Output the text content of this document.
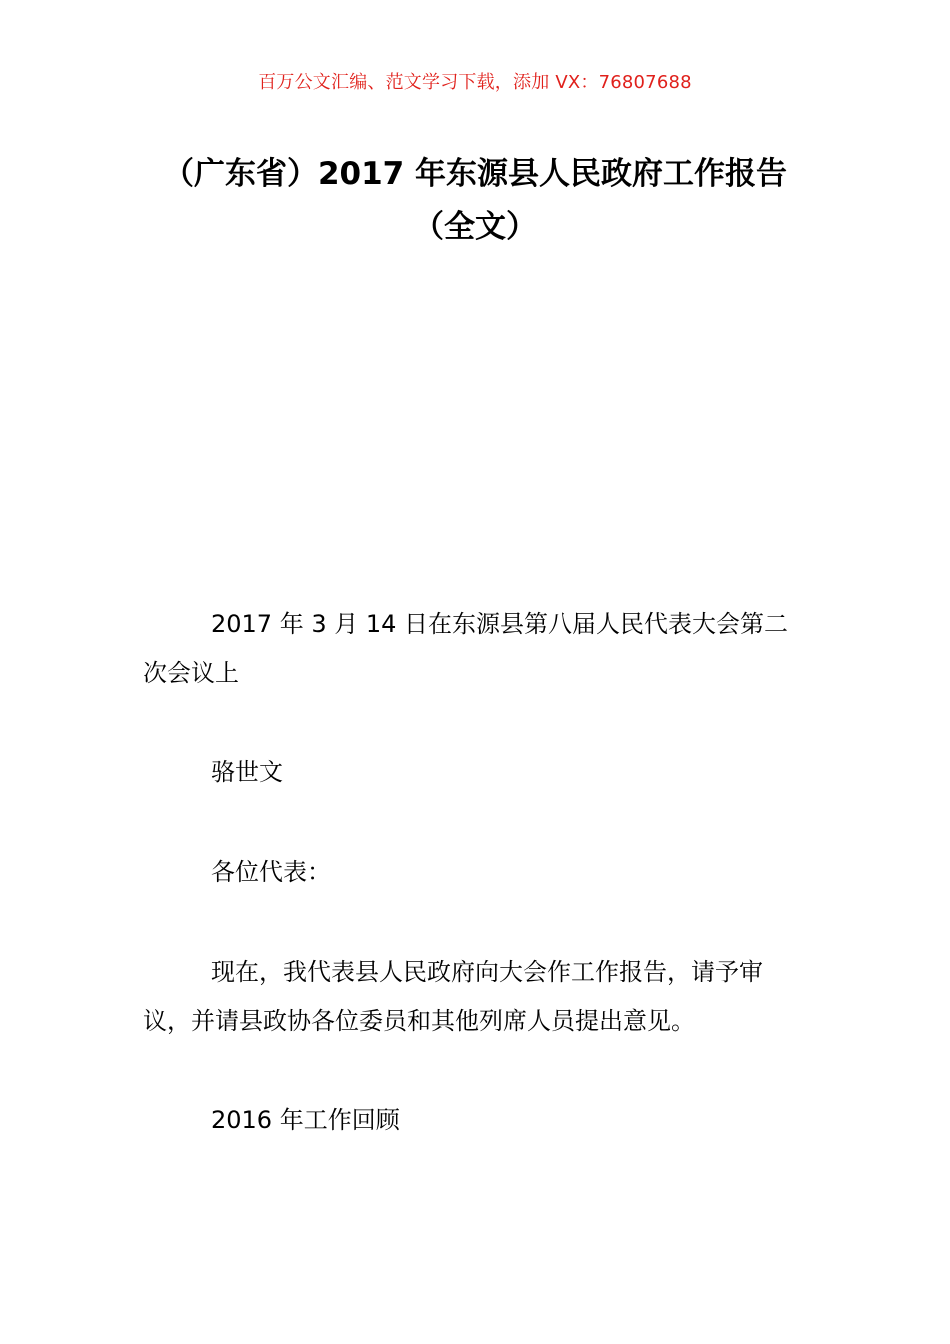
百万公文汇编、范文学习下载，添加 VX：76807688
（广东省）2017 年东源县人民政府工作报告（全文）

2017 年 3 月 14 日在东源县第八届人民代表大会第二次会议上

骆世文

各位代表：

现在，我代表县人民政府向大会作工作报告，请予审议，并请县政协各位委员和其他列席人员提出意见。

2016 年工作回顾
